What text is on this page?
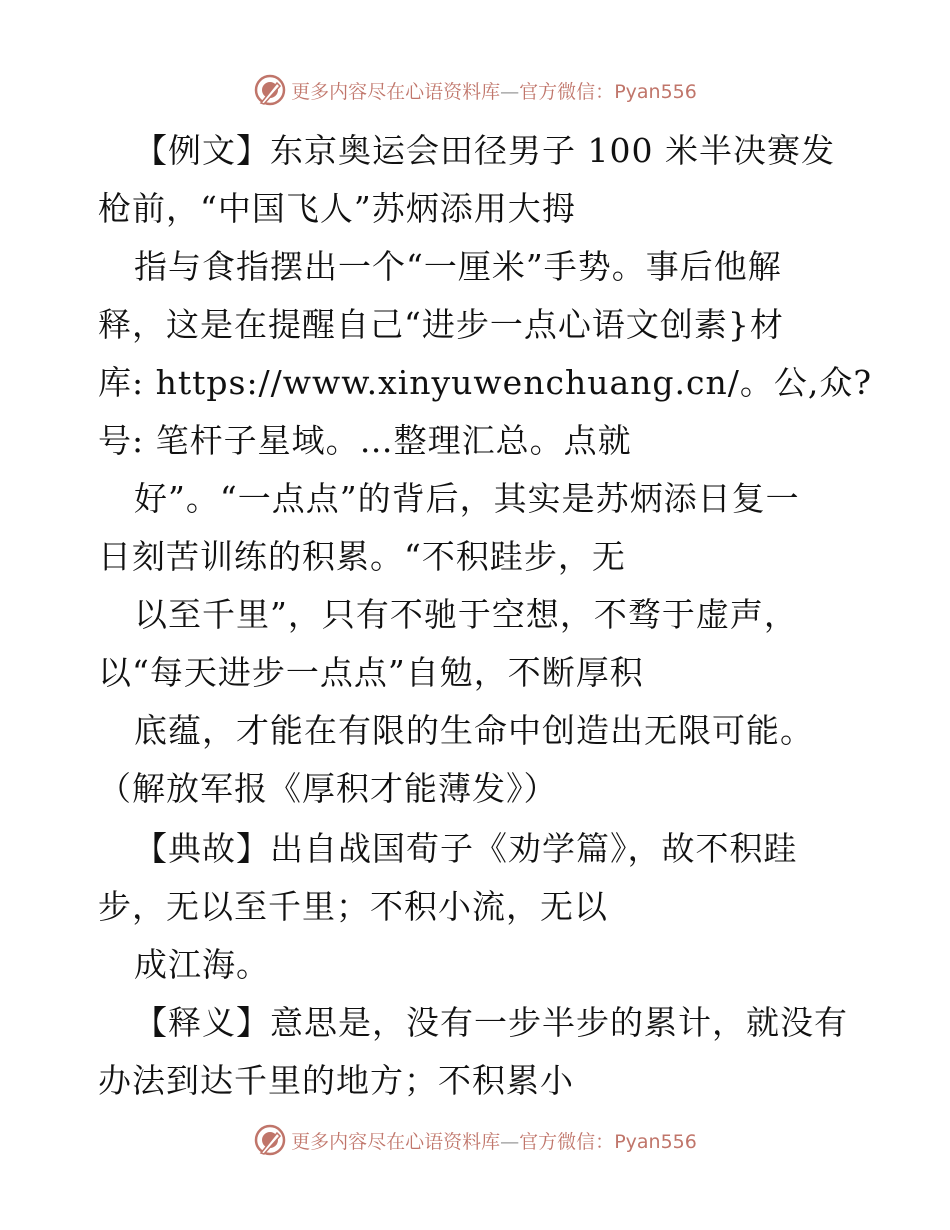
更多内容尽在心语资料库—官方微信：Pyan556
【例文】东京奥运会田径男子 100 米半决赛发
枪前，“中国飞人”苏炳添用大拇
指与食指摆出一个“一厘米”手势。事后他解
释，这是在提醒自己“进步一点心语文创素}材
库: https://www.xinyuwenchuang.cn/。公,众?
号: 笔杆子星域。…整理汇总。点就
好”。“一点点”的背后，其实是苏炳添日复一
日刻苦训练的积累。“不积跬步，无
以至千里”，只有不驰于空想，不骛于虚声，
以“每天进步一点点”自勉，不断厚积
底蕴，才能在有限的生命中创造出无限可能。
（解放军报《厚积才能薄发》）
【典故】出自战国荀子《劝学篇》，故不积跬
步，无以至千里；不积小流，无以
成江海。
【释义】意思是，没有一步半步的累计，就没有
办法到达千里的地方；不积累小
更多内容尽在心语资料库—官方微信：Pyan556
